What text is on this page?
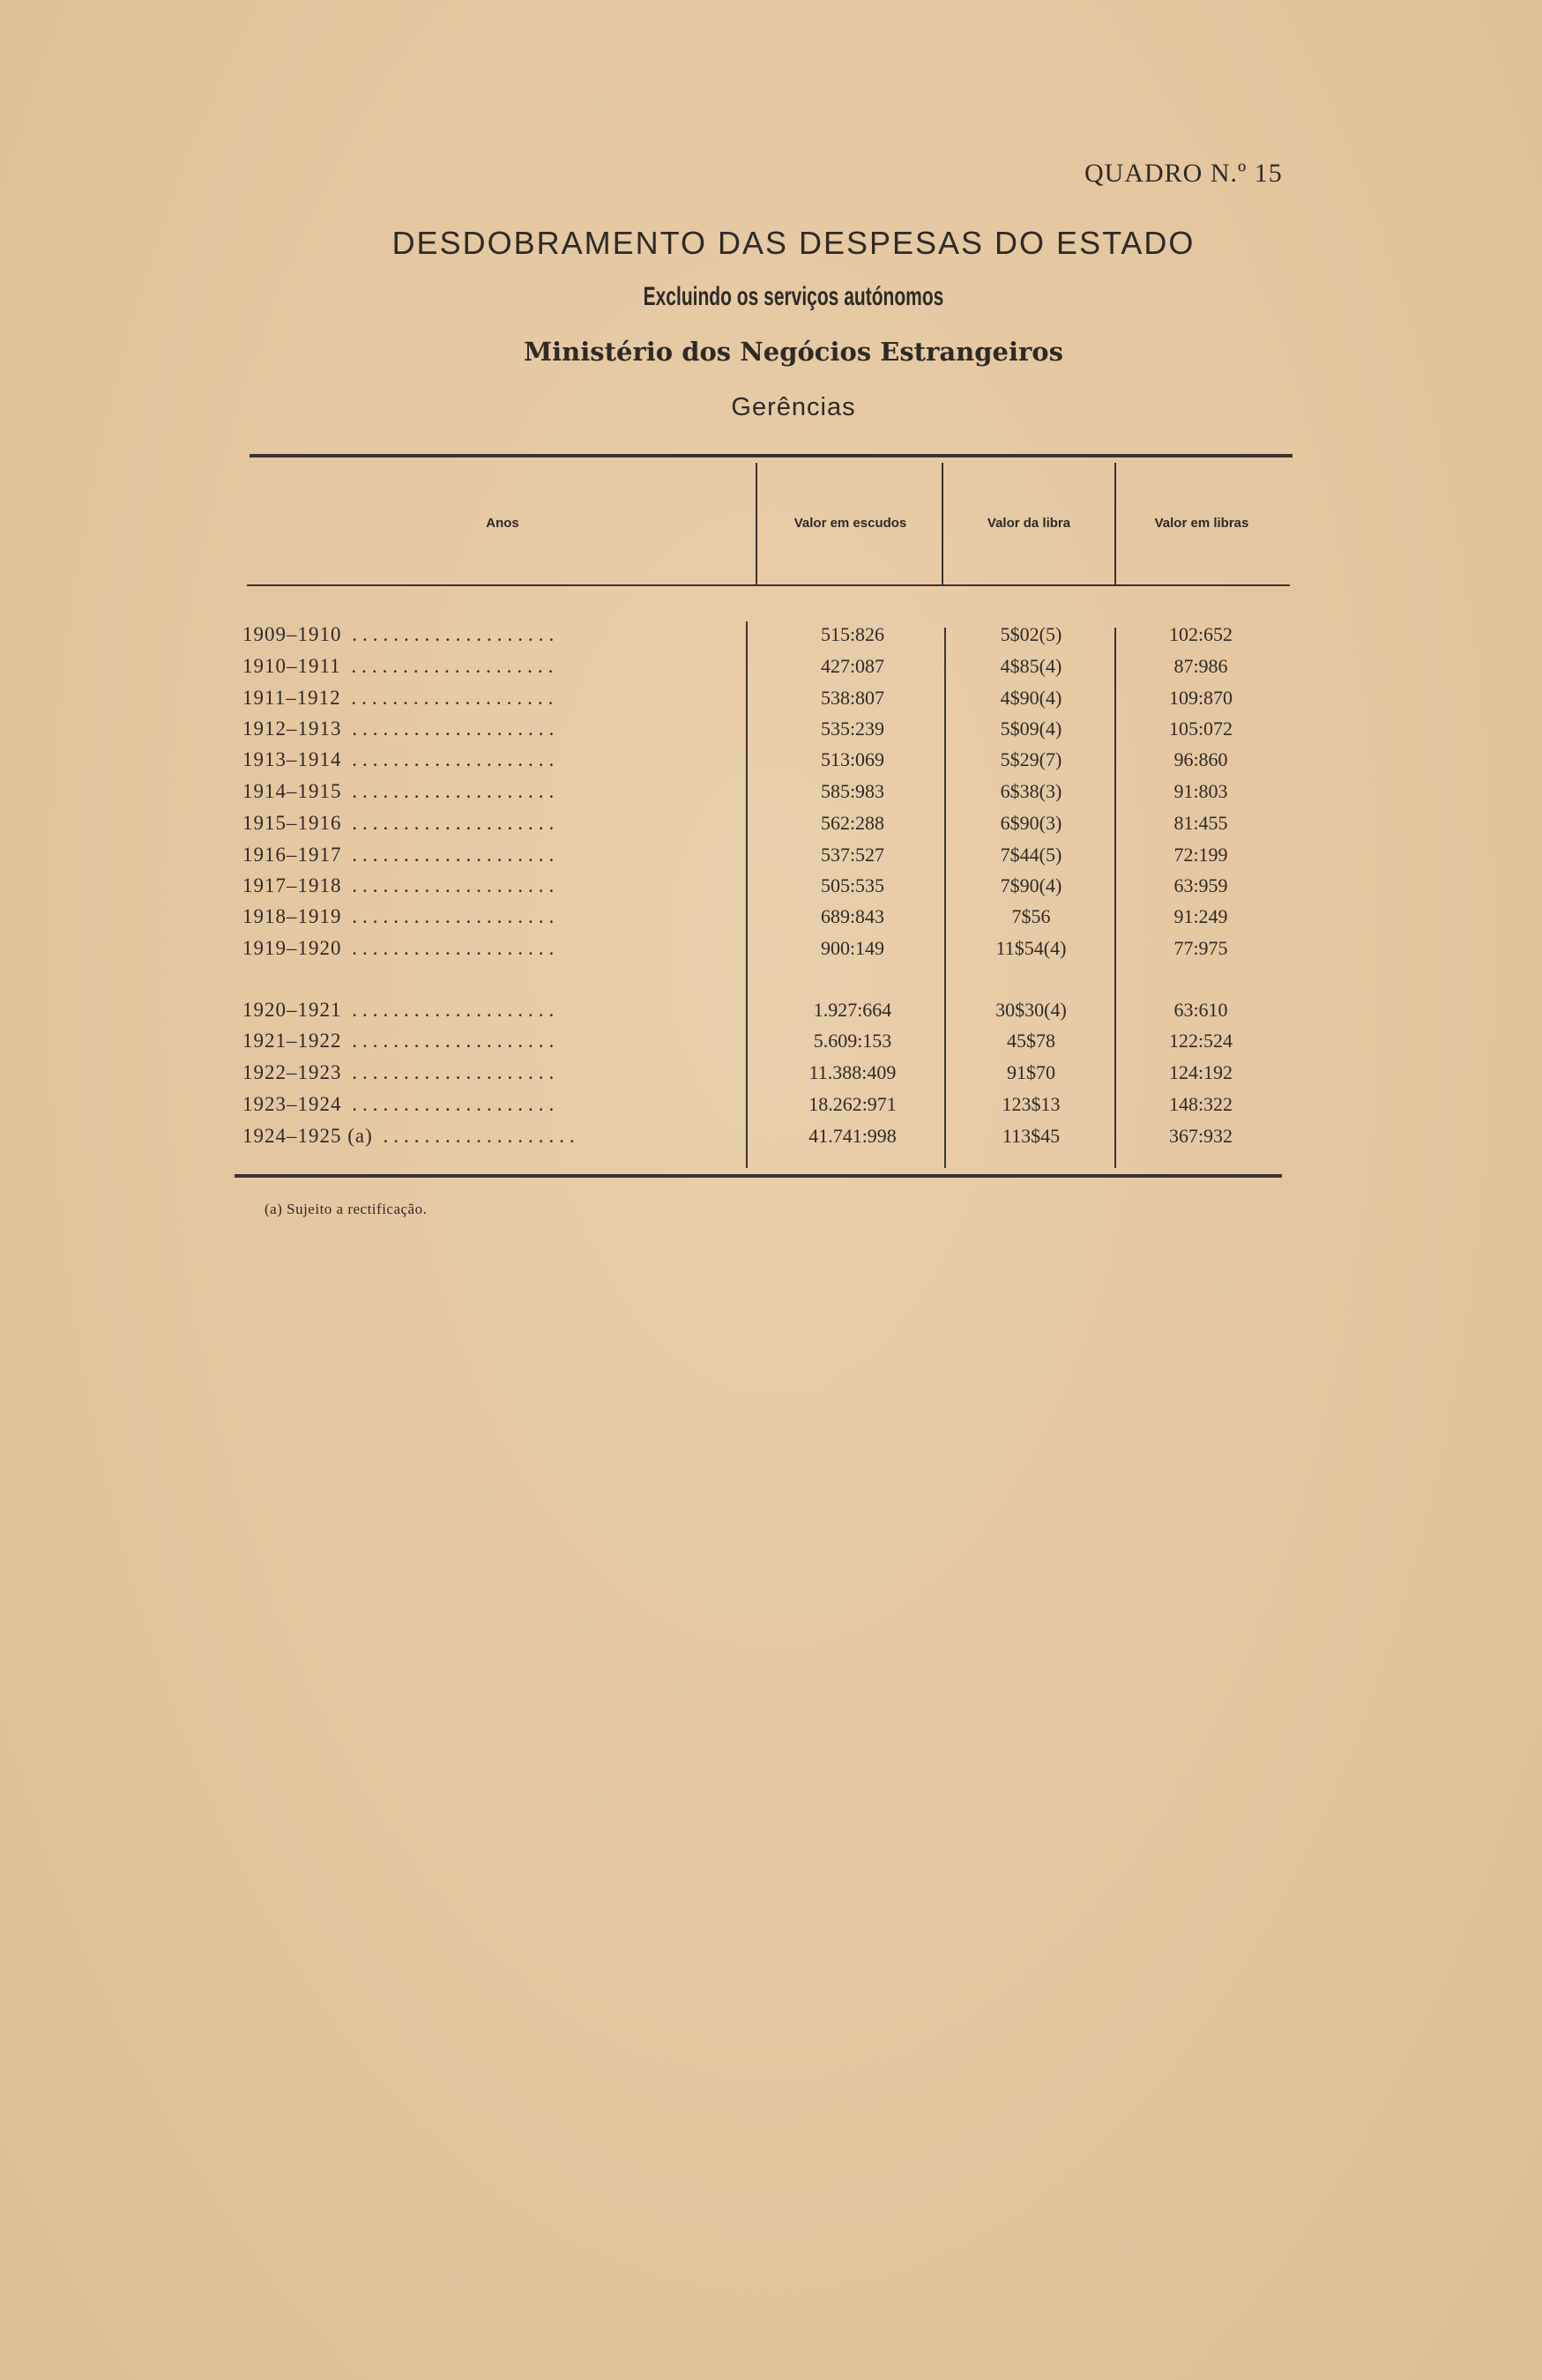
QUADRO N.º 15
DESDOBRAMENTO DAS DESPESAS DO ESTADO
Excluindo os serviços autónomos
Ministério dos Negócios Estrangeiros
Gerências
Anos	Valor em escudos	Valor da libra	Valor em libras
1909–1910 ....................	515:826	5$02(5)	102:652
1910–1911 ....................	427:087	4$85(4)	87:986
1911–1912 ....................	538:807	4$90(4)	109:870
1912–1913 ....................	535:239	5$09(4)	105:072
1913–1914 ....................	513:069	5$29(7)	96:860
1914–1915 ....................	585:983	6$38(3)	91:803
1915–1916 ....................	562:288	6$90(3)	81:455
1916–1917 ....................	537:527	7$44(5)	72:199
1917–1918 ....................	505:535	7$90(4)	63:959
1918–1919 ....................	689:843	7$56	91:249
1919–1920 ....................	900:149	11$54(4)	77:975
1920–1921 ....................	1.927:664	30$30(4)	63:610
1921–1922 ....................	5.609:153	45$78	122:524
1922–1923 ....................	11.388:409	91$70	124:192
1923–1924 ....................	18.262:971	123$13	148:322
1924–1925 (a) ...................	41.741:998	113$45	367:932
(a) Sujeito a rectificação.
